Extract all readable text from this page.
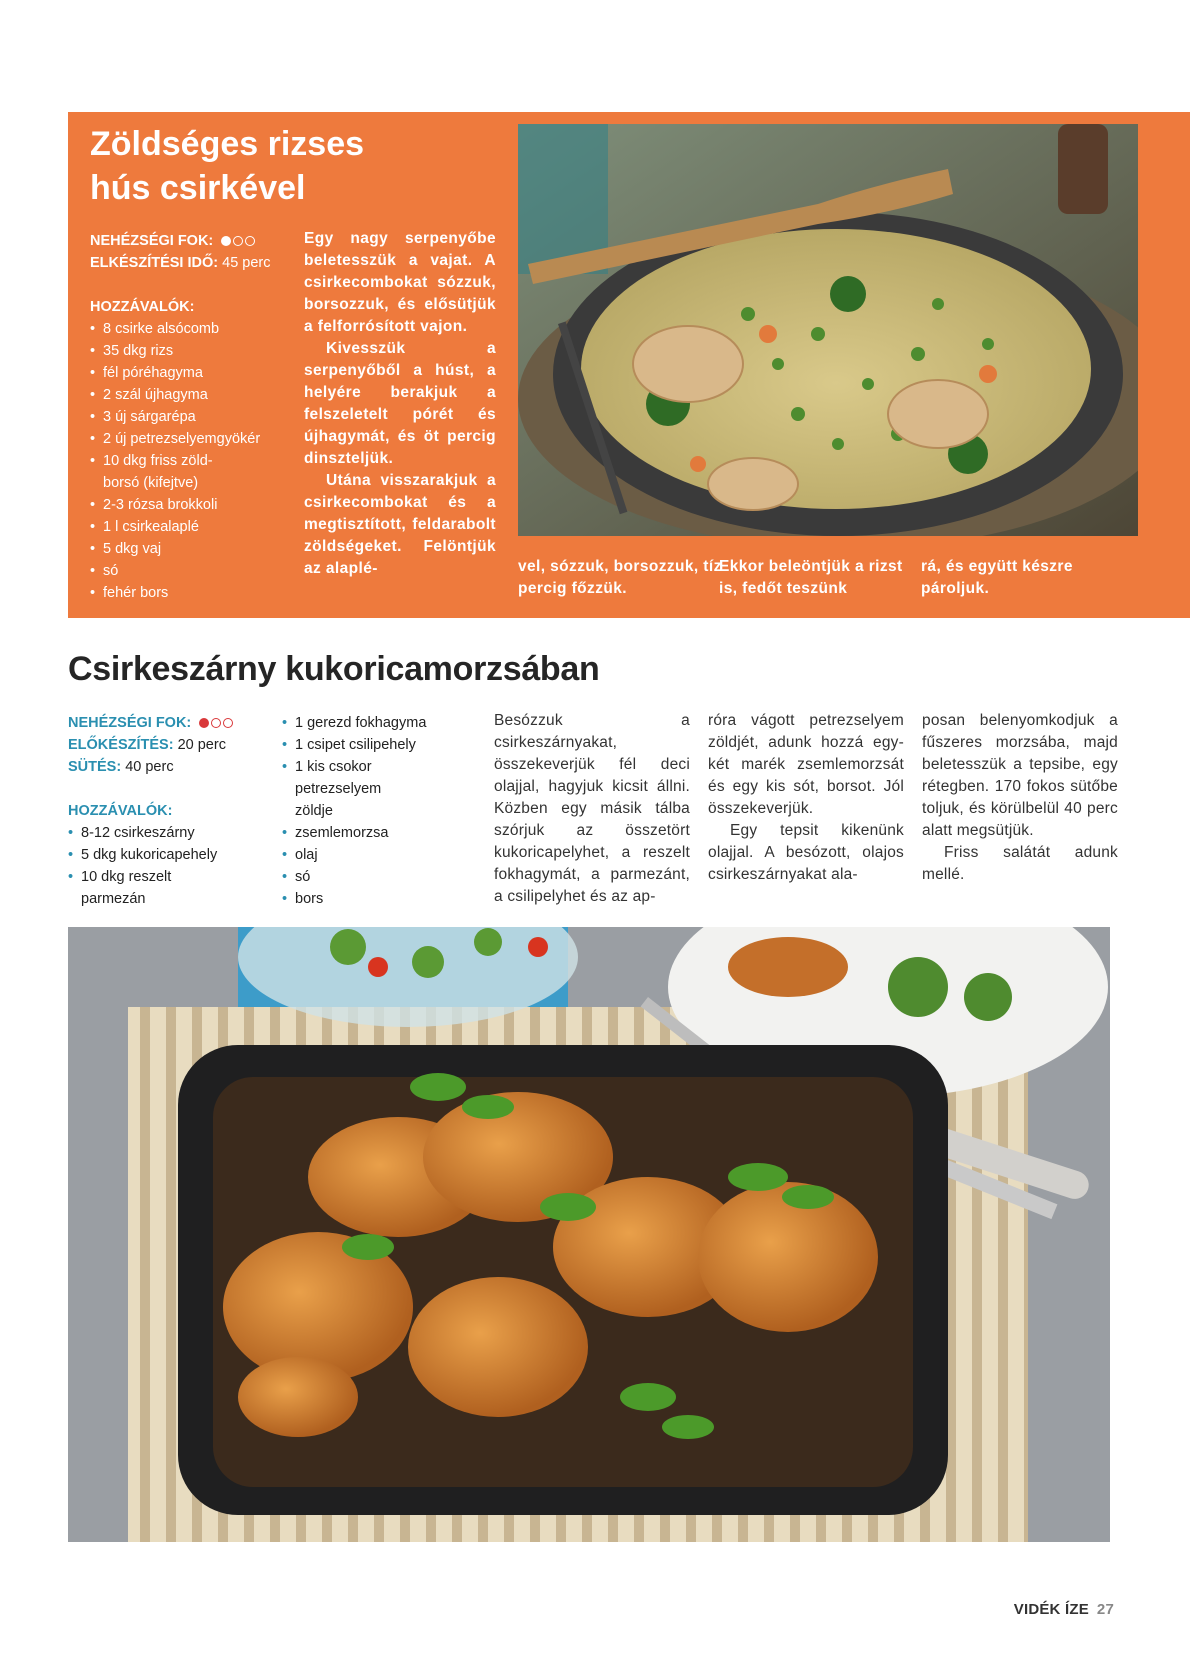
Zöldséges rizses hús csirkével
NEHÉZSÉGI FOK:
ELKÉSZÍTÉSI IDŐ: 45 perc
HOZZÁVALÓK:
• 8 csirke alsócomb
• 35 dkg rizs
• fél póréhagyma
• 2 szál újhagyma
• 3 új sárgarépa
• 2 új petrezselyemgyökér
• 10 dkg friss zöld-borsó (kifejtve)
• 2-3 rózsa brokkoli
• 1 l csirkealaplé
• 5 dkg vaj
• só
• fehér bors

Egy nagy serpenyőbe beletesszük a vajat. A csirkecombokat sózzuk, borsozzuk, és elősütjük a felforrósított vajon.

Kivesszük a serpenyőből a húst, a helyére berakjuk a felszeletelt pórét és újhagymát, és öt percig dinszteljük.

Utána visszarakjuk a csirkecombokat és a megtisztított, feldarabolt zöldségeket. Felöntjük az alaplé-	vel, sózzuk, borsozzuk, tíz percig főzzük.
Ekkor beleöntjük a rizst is, fedőt teszünk
rá, és együtt készre pároljuk.
Csirkeszárny kukoricamorzsában
NEHÉZSÉGI FOK:
ELŐKÉSZÍTÉS: 20 perc
SÜTÉS: 40 perc
HOZZÁVALÓK:
• 8-12 csirkeszárny
• 5 dkg kukoricapehely
• 10 dkg reszelt parmezán
• 1 gerezd fokhagyma
• 1 csipet csilipehely
• 1 kis csokor petrezselyem zöldje
• zsemlemorzsa
• olaj
• só
• bors

Besózzuk a csirkeszárnyakat, összekeverjük fél deci olajjal, hagyjuk kicsit állni. Közben egy másik tálba szórjuk az összetört kukoricapelyhet, a reszelt fokhagymát, a parmezánt, a csilipelyhet és az ap-

róra vágott petrezselyem zöldjét, adunk hozzá egy-két marék zsemlemorzsát és egy kis sót, borsot. Jól összekeverjük.

Egy tepsit kikenünk olajjal. A besózott, olajos csirkeszárnyakat ala-

posan belenyomkodjuk a fűszeres morzsába, majd beletesszük a tepsibe, egy rétegben. 170 fokos sütőbe toljuk, és körülbelül 40 perc alatt megsütjük.

Friss salátát adunk mellé.

VIDÉK ÍZE 27
